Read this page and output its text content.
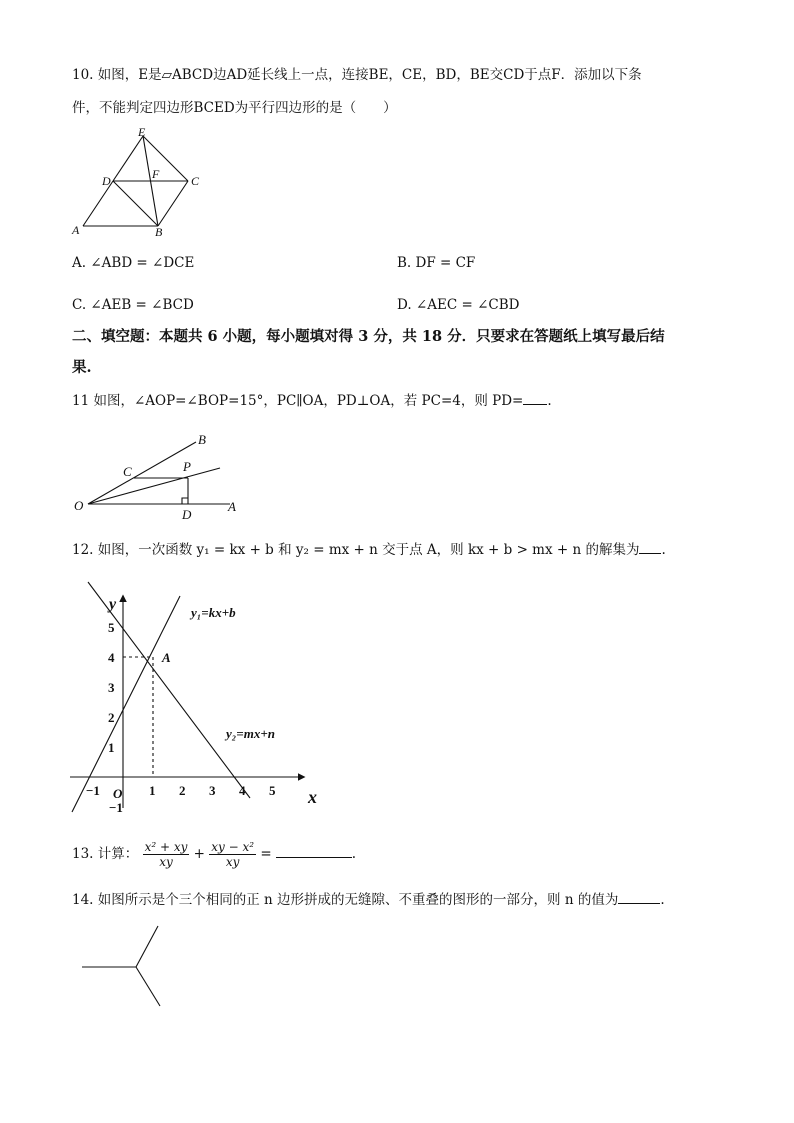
10. 如图，E是▱ABCD边AD延长线上一点，连接BE，CE，BD，BE交CD于点F．添加以下条
件，不能判定四边形BCED为平行四边形的是（　　）
E
D	F	C
A	B
A. ∠ABD = ∠DCE	B. DF = CF
C. ∠AEB = ∠BCD	D. ∠AEC = ∠CBD
二、填空题：本题共 6 小题，每小题填对得 3 分，共 18 分．只要求在答题纸上填写最后结
果.
11 如图，∠AOP=∠BOP=15°，PC∥OA，PD⊥OA，若 PC=4，则 PD= .
B
C	P
O
D
A
12. 如图，一次函数 y₁ = kx + b 和 y₂ = mx + n 交于点 A，则 kx + b > mx + n 的解集为 .
y
x
O
y₁=kx+b
y₂=mx+n
A
−1	1 2 3 4 5
5
4
3
2
1
−1
13. 计算： $\frac{\text{x² + xy}}{xy} + \frac{\text{xy − x²}}{xy}$ =	.
14. 如图所示是个三个相同的正 n 边形拼成的无缝隙、不重叠的图形的一部分，则 n 的值为	.
